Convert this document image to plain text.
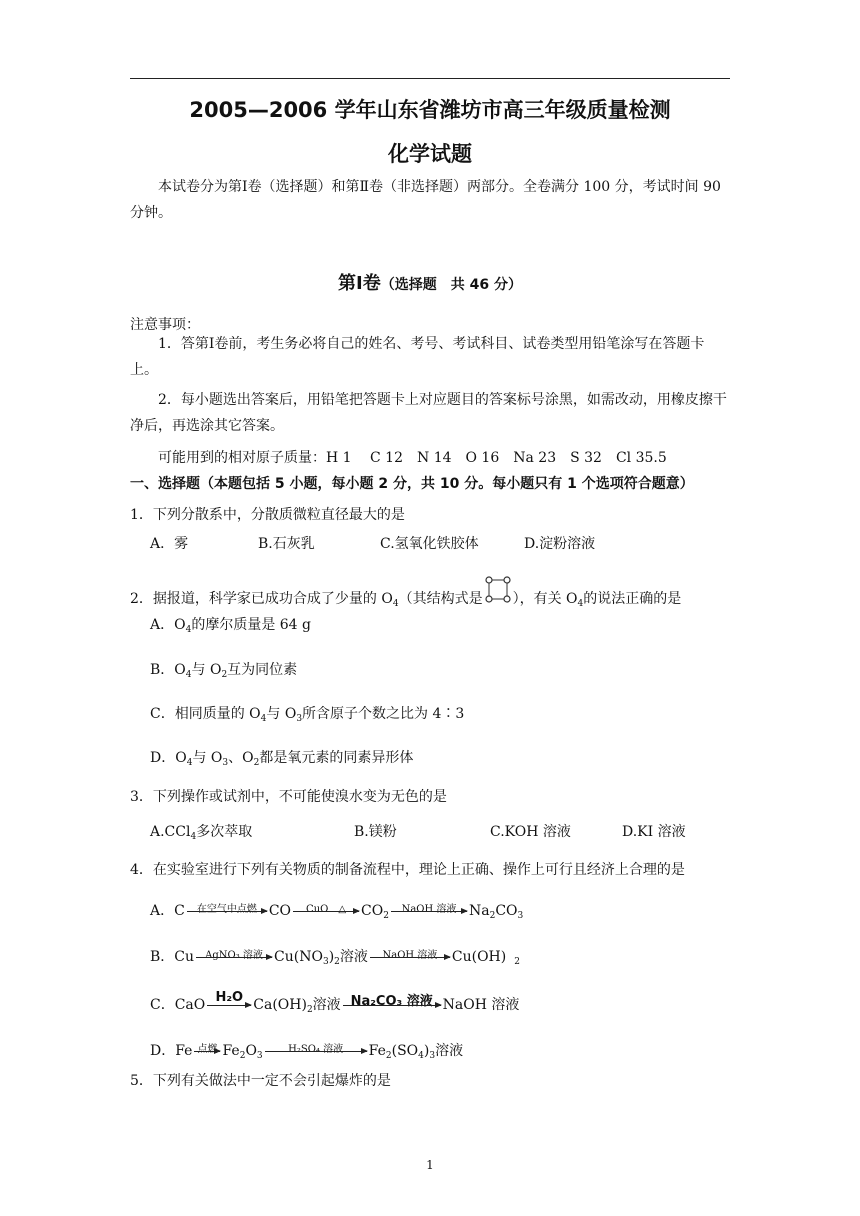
2005—2006 学年山东省潍坊市高三年级质量检测
化学试题
本试卷分为第Ⅰ卷（选择题）和第Ⅱ卷（非选择题）两部分。全卷满分 100 分，考试时间 90 分钟。
第Ⅰ卷（选择题　共 46 分）
注意事项：
1．答第Ⅰ卷前，考生务必将自己的姓名、考号、考试科目、试卷类型用铅笔涂写在答题卡上。
2．每小题选出答案后，用铅笔把答题卡上对应题目的答案标号涂黑，如需改动，用橡皮擦干净后，再选涂其它答案。
可能用到的相对原子质量：H 1　 C 12　N 14　O 16　Na 23　S 32　Cl 35.5
一、选择题（本题包括 5 小题，每小题 2 分，共 10 分。每小题只有 1 个选项符合题意）
1．下列分散系中，分散质微粒直径最大的是
A．雾	B.石灰乳	C.氢氧化铁胶体	D.淀粉溶液
2．据报道，科学家已成功合成了少量的 $O_4$（其结构式是 ），有关 $O_4$的说法正确的是
A．$O_4$的摩尔质量是 64 g
B．$O_4$与 $O_2$互为同位素
C．相同质量的 $O_4$与 $O_3$所含原子个数之比为 4∶3
D．$O_4$与 $O_3$、$O_2$都是氧元素的同素异形体
3．下列操作或试剂中，不可能使溴水变为无色的是
A.CCl$_4$多次萃取	B.镁粉	C.KOH 溶液	D.KI 溶液
4．在实验室进行下列有关物质的制备流程中，理论上正确、操作上可行且经济上合理的是
A．C	在空气中点燃 CO	CuO　△	$CO_2$
NaOH 溶液 $Na_2CO_3$
B．Cu	AgNO₃ 溶液 $Cu(NO_3)_2$溶液	NaOH 溶液	Cu(OH) $_2$
C．CaO H₂O $Ca(OH)_2$溶液 Na₂CO₃ 溶液 NaOH 溶液
D．Fe 点燃 $Fe_2O_3$
H₂SO₄ 溶液	$Fe_2(SO_4)_3$溶液
5．下列有关做法中一定不会引起爆炸的是
1
